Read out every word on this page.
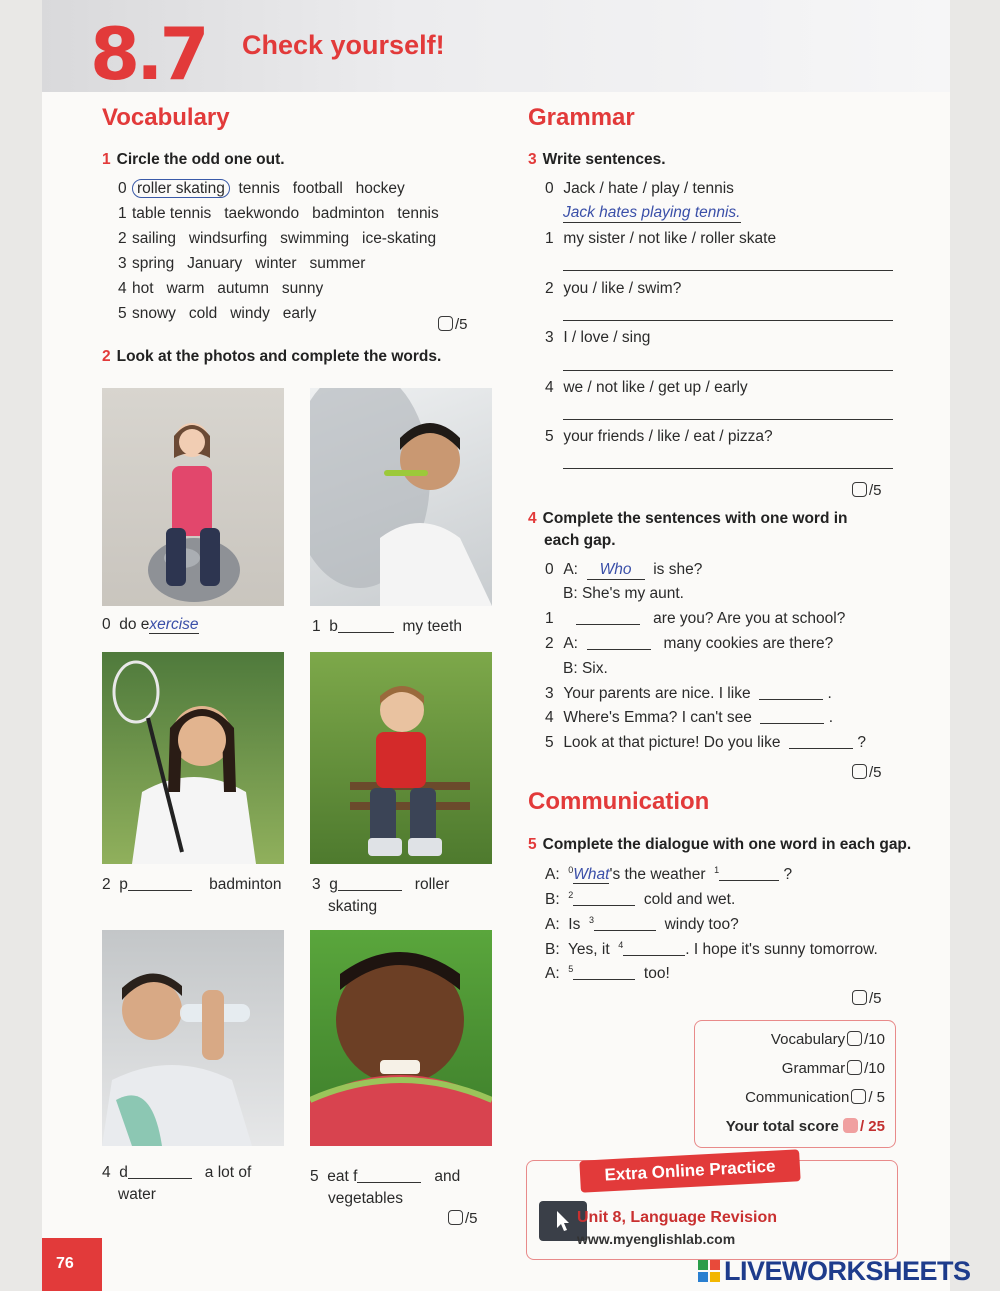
8.7 Check yourself!
Vocabulary
1 Circle the odd one out.
0 roller skating tennis   football   hockey
1 table tennis   taekwondo   badminton   tennis
2 sailing   windsurfing   swimming   ice-skating
3 spring   January   winter   summer
4 hot   warm   autumn   sunny
5 snowy   cold   windy   early
/5
2 Look at the photos and complete the words.
0 do exercise	1 b	my teeth
2 p	badminton 3 g	roller
skating
4 d	a lot of
water
5 eat f	and
vegetables
/5
Grammar
3 Write sentences.
0 Jack / hate / play / tennis
Jack hates playing tennis.
1 my sister / not like / roller skate
2 you / like / swim?
3 I / love / sing
4 we / not like / get up / early
5 your friends / like / eat / pizza?
/5
4 Complete the sentences with one word in
each gap.
0 A: Who is she?
B: She's my aunt.
1	are you? Are you at school?
2 A:	many cookies are there?
B: Six.
3 Your parents are nice. I like	.
4 Where's Emma? I can't see	.
5 Look at that picture! Do you like	?
/5
Communication
5 Complete the dialogue with one word in each gap.
A: $^0$What's the weather $^1$	?
B: $^2$	cold and wet.
A: Is $^3$	windy too?
B: Yes, it $^4$	. I hope it's sunny tomorrow.
A: $^5$	too!
/5
Vocabulary /10
Grammar /10
Communication / 5
Your total score / 25
Extra Online Practice
Unit 8, Language Revision
www.myenglishlab.com
76	LIVEWORKSHEETS
